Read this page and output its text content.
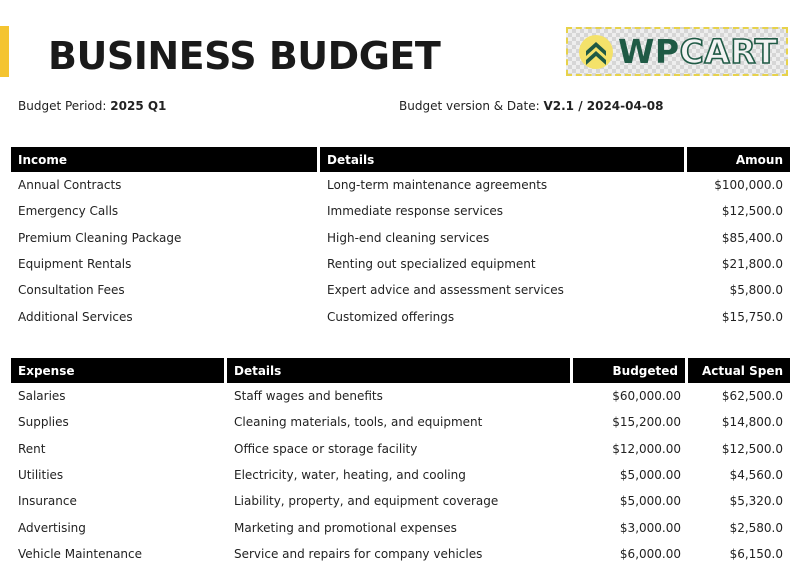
BUSINESS BUDGET	WPCART
Budget Period: 2025 Q1	Budget version & Date: V2.1 / 2024-04-08
Income	Details	Amoun
Annual Contracts	Long-term maintenance agreements	$100,000.0
Emergency Calls	Immediate response services	$12,500.0
Premium Cleaning Package	High-end cleaning services	$85,400.0
Equipment Rentals	Renting out specialized equipment	$21,800.0
Consultation Fees	Expert advice and assessment services	$5,800.0
Additional Services	Customized offerings	$15,750.0
Expense	Details	Budgeted	Actual Spen
Salaries	Staff wages and benefits	$60,000.00	$62,500.0
Supplies	Cleaning materials, tools, and equipment	$15,200.00	$14,800.0
Rent	Office space or storage facility	$12,000.00	$12,500.0
Utilities	Electricity, water, heating, and cooling	$5,000.00	$4,560.0
Insurance	Liability, property, and equipment coverage	$5,000.00	$5,320.0
Advertising	Marketing and promotional expenses	$3,000.00	$2,580.0
Vehicle Maintenance	Service and repairs for company vehicles	$6,000.00	$6,150.0
